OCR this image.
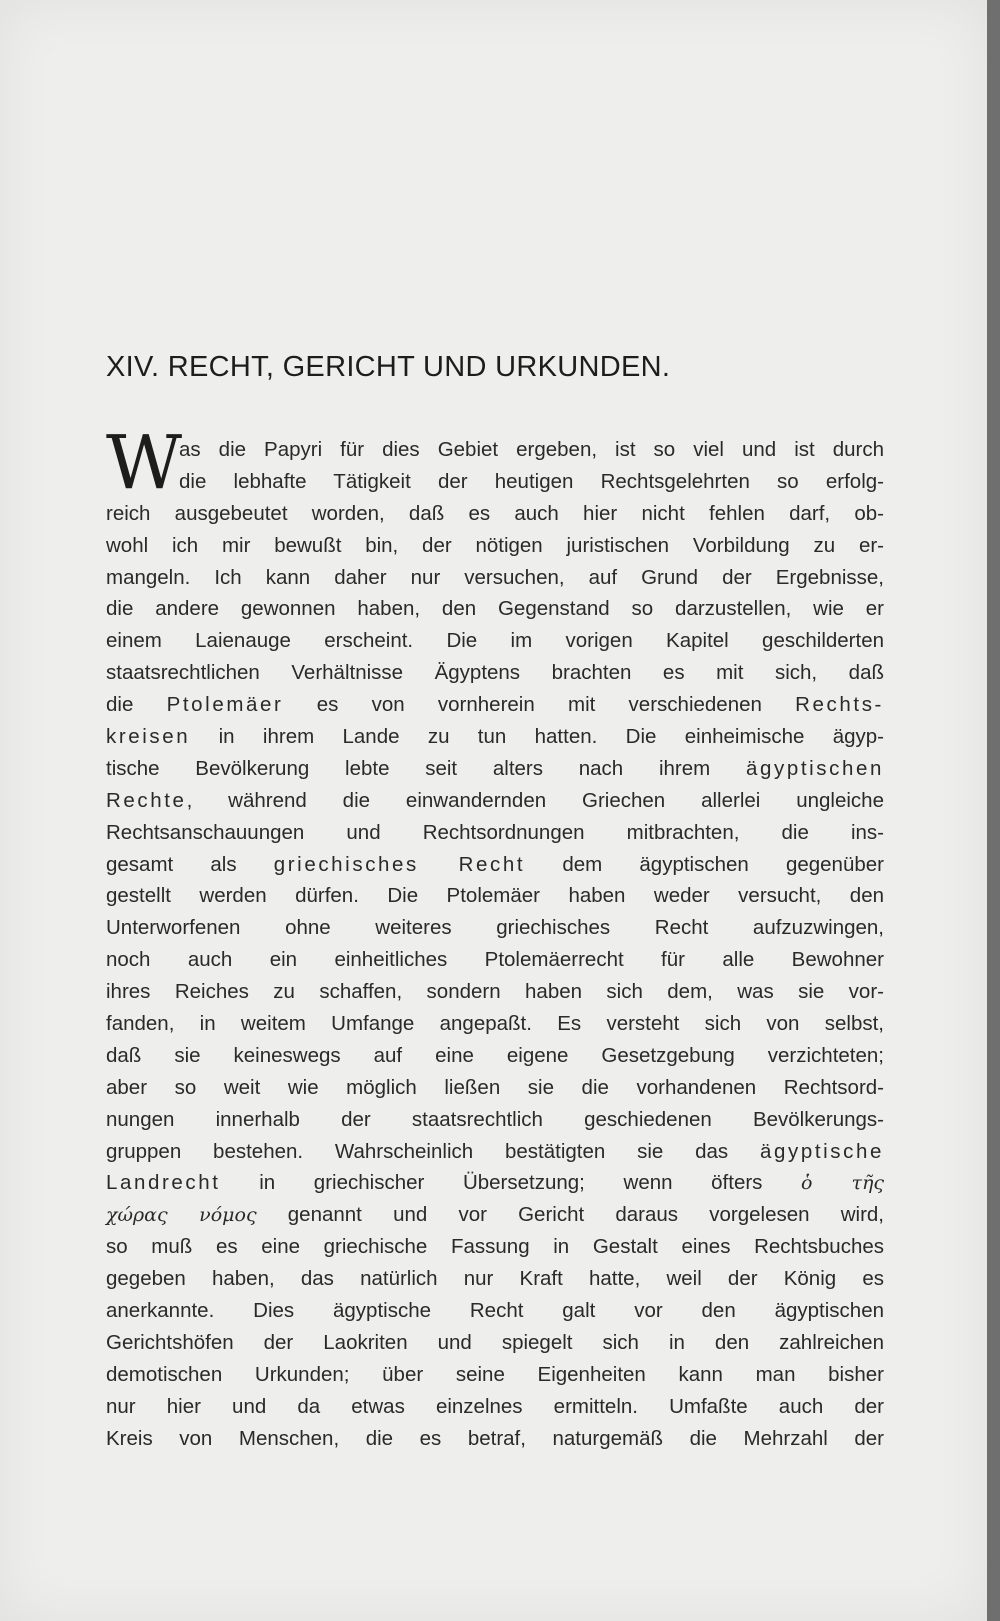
XIV. RECHT, GERICHT UND URKUNDEN.
W
as die Papyri für dies Gebiet ergeben, ist so viel und ist durch
die lebhafte Tätigkeit der heutigen Rechtsgelehrten so erfolg-
reich ausgebeutet worden, daß es auch hier nicht fehlen darf, ob-
wohl ich mir bewußt bin, der nötigen juristischen Vorbildung zu er-
mangeln. Ich kann daher nur versuchen, auf Grund der Ergebnisse,
die andere gewonnen haben, den Gegenstand so darzustellen, wie er
einem Laienauge erscheint. Die im vorigen Kapitel geschilderten
staatsrechtlichen Verhältnisse Ägyptens brachten es mit sich, daß
die Ptolemäer es von vornherein mit verschiedenen Rechts-
kreisen in ihrem Lande zu tun hatten. Die einheimische ägyp-
tische Bevölkerung lebte seit alters nach ihrem ägyptischen
Rechte, während die einwandernden Griechen allerlei ungleiche
Rechtsanschauungen und Rechtsordnungen mitbrachten, die ins-
gesamt als griechisches Recht dem ägyptischen gegenüber
gestellt werden dürfen. Die Ptolemäer haben weder versucht, den
Unterworfenen ohne weiteres griechisches Recht aufzuzwingen,
noch auch ein einheitliches Ptolemäerrecht für alle Bewohner
ihres Reiches zu schaffen, sondern haben sich dem, was sie vor-
fanden, in weitem Umfange angepaßt. Es versteht sich von selbst,
daß sie keineswegs auf eine eigene Gesetzgebung verzichteten;
aber so weit wie möglich ließen sie die vorhandenen Rechtsord-
nungen innerhalb der staatsrechtlich geschiedenen Bevölkerungs-
gruppen bestehen. Wahrscheinlich bestätigten sie das ägyptische
Landrecht in griechischer Übersetzung; wenn öfters ὁ τῆς
χώρας νόμος genannt und vor Gericht daraus vorgelesen wird,
so muß es eine griechische Fassung in Gestalt eines Rechtsbuches
gegeben haben, das natürlich nur Kraft hatte, weil der König es
anerkannte. Dies ägyptische Recht galt vor den ägyptischen
Gerichtshöfen der Laokriten und spiegelt sich in den zahlreichen
demotischen Urkunden; über seine Eigenheiten kann man bisher
nur hier und da etwas einzelnes ermitteln. Umfaßte auch der
Kreis von Menschen, die es betraf, naturgemäß die Mehrzahl der
